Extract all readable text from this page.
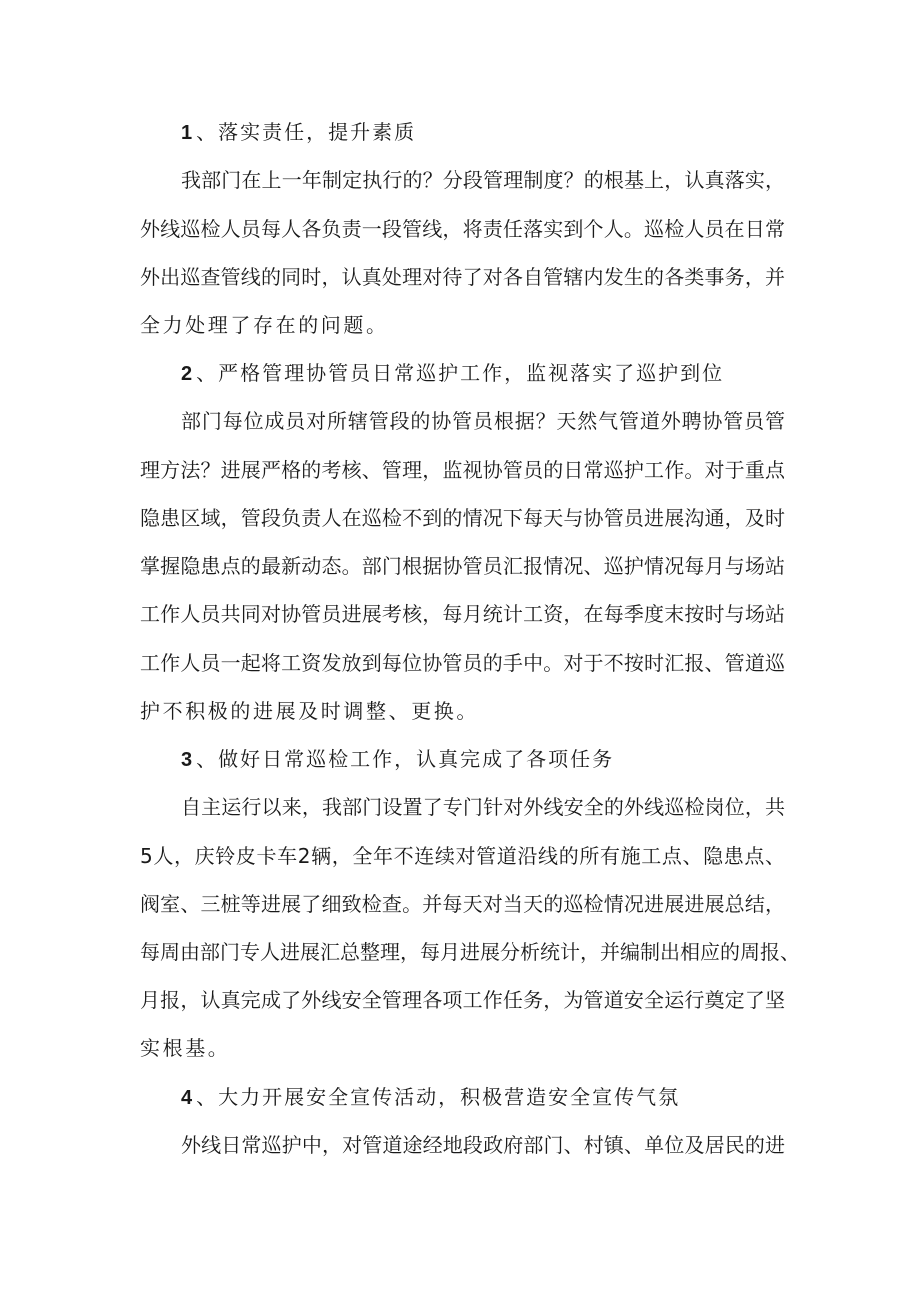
1 、落实责任，提升素质
我部门在上一年制定执行的？分段管理制度？的根基上，认真落实，
外线巡检人员每人各负责一段管线，将责任落实到个人。巡检人员在日常
外出巡查管线的同时，认真处理对待了对各自管辖内发生的各类事务，并
全力处理了存在的问题。
2 、严格管理协管员日常巡护工作，监视落实了巡护到位
部门每位成员对所辖管段的协管员根据？天然气管道外聘协管员管
理方法？进展严格的考核、管理，监视协管员的日常巡护工作。对于重点
隐患区域，管段负责人在巡检不到的情况下每天与协管员进展沟通，及时
掌握隐患点的最新动态。部门根据协管员汇报情况、巡护情况每月与场站
工作人员共同对协管员进展考核，每月统计工资，在每季度末按时与场站
工作人员一起将工资发放到每位协管员的手中。对于不按时汇报、管道巡
护不积极的进展及时调整、更换。
3 、做好日常巡检工作，认真完成了各项任务
自主运行以来，我部门设置了专门针对外线安全的外线巡检岗位，共
5人，庆铃皮卡车2辆，全年不连续对管道沿线的所有施工点、隐患点、
阀室、三桩等进展了细致检查。并每天对当天的巡检情况进展进展总结，
每周由部门专人进展汇总整理，每月进展分析统计，并编制出相应的周报、
月报，认真完成了外线安全管理各项工作任务，为管道安全运行奠定了坚
实根基。
4 、大力开展安全宣传活动，积极营造安全宣传气氛
外线日常巡护中，对管道途经地段政府部门、村镇、单位及居民的进
